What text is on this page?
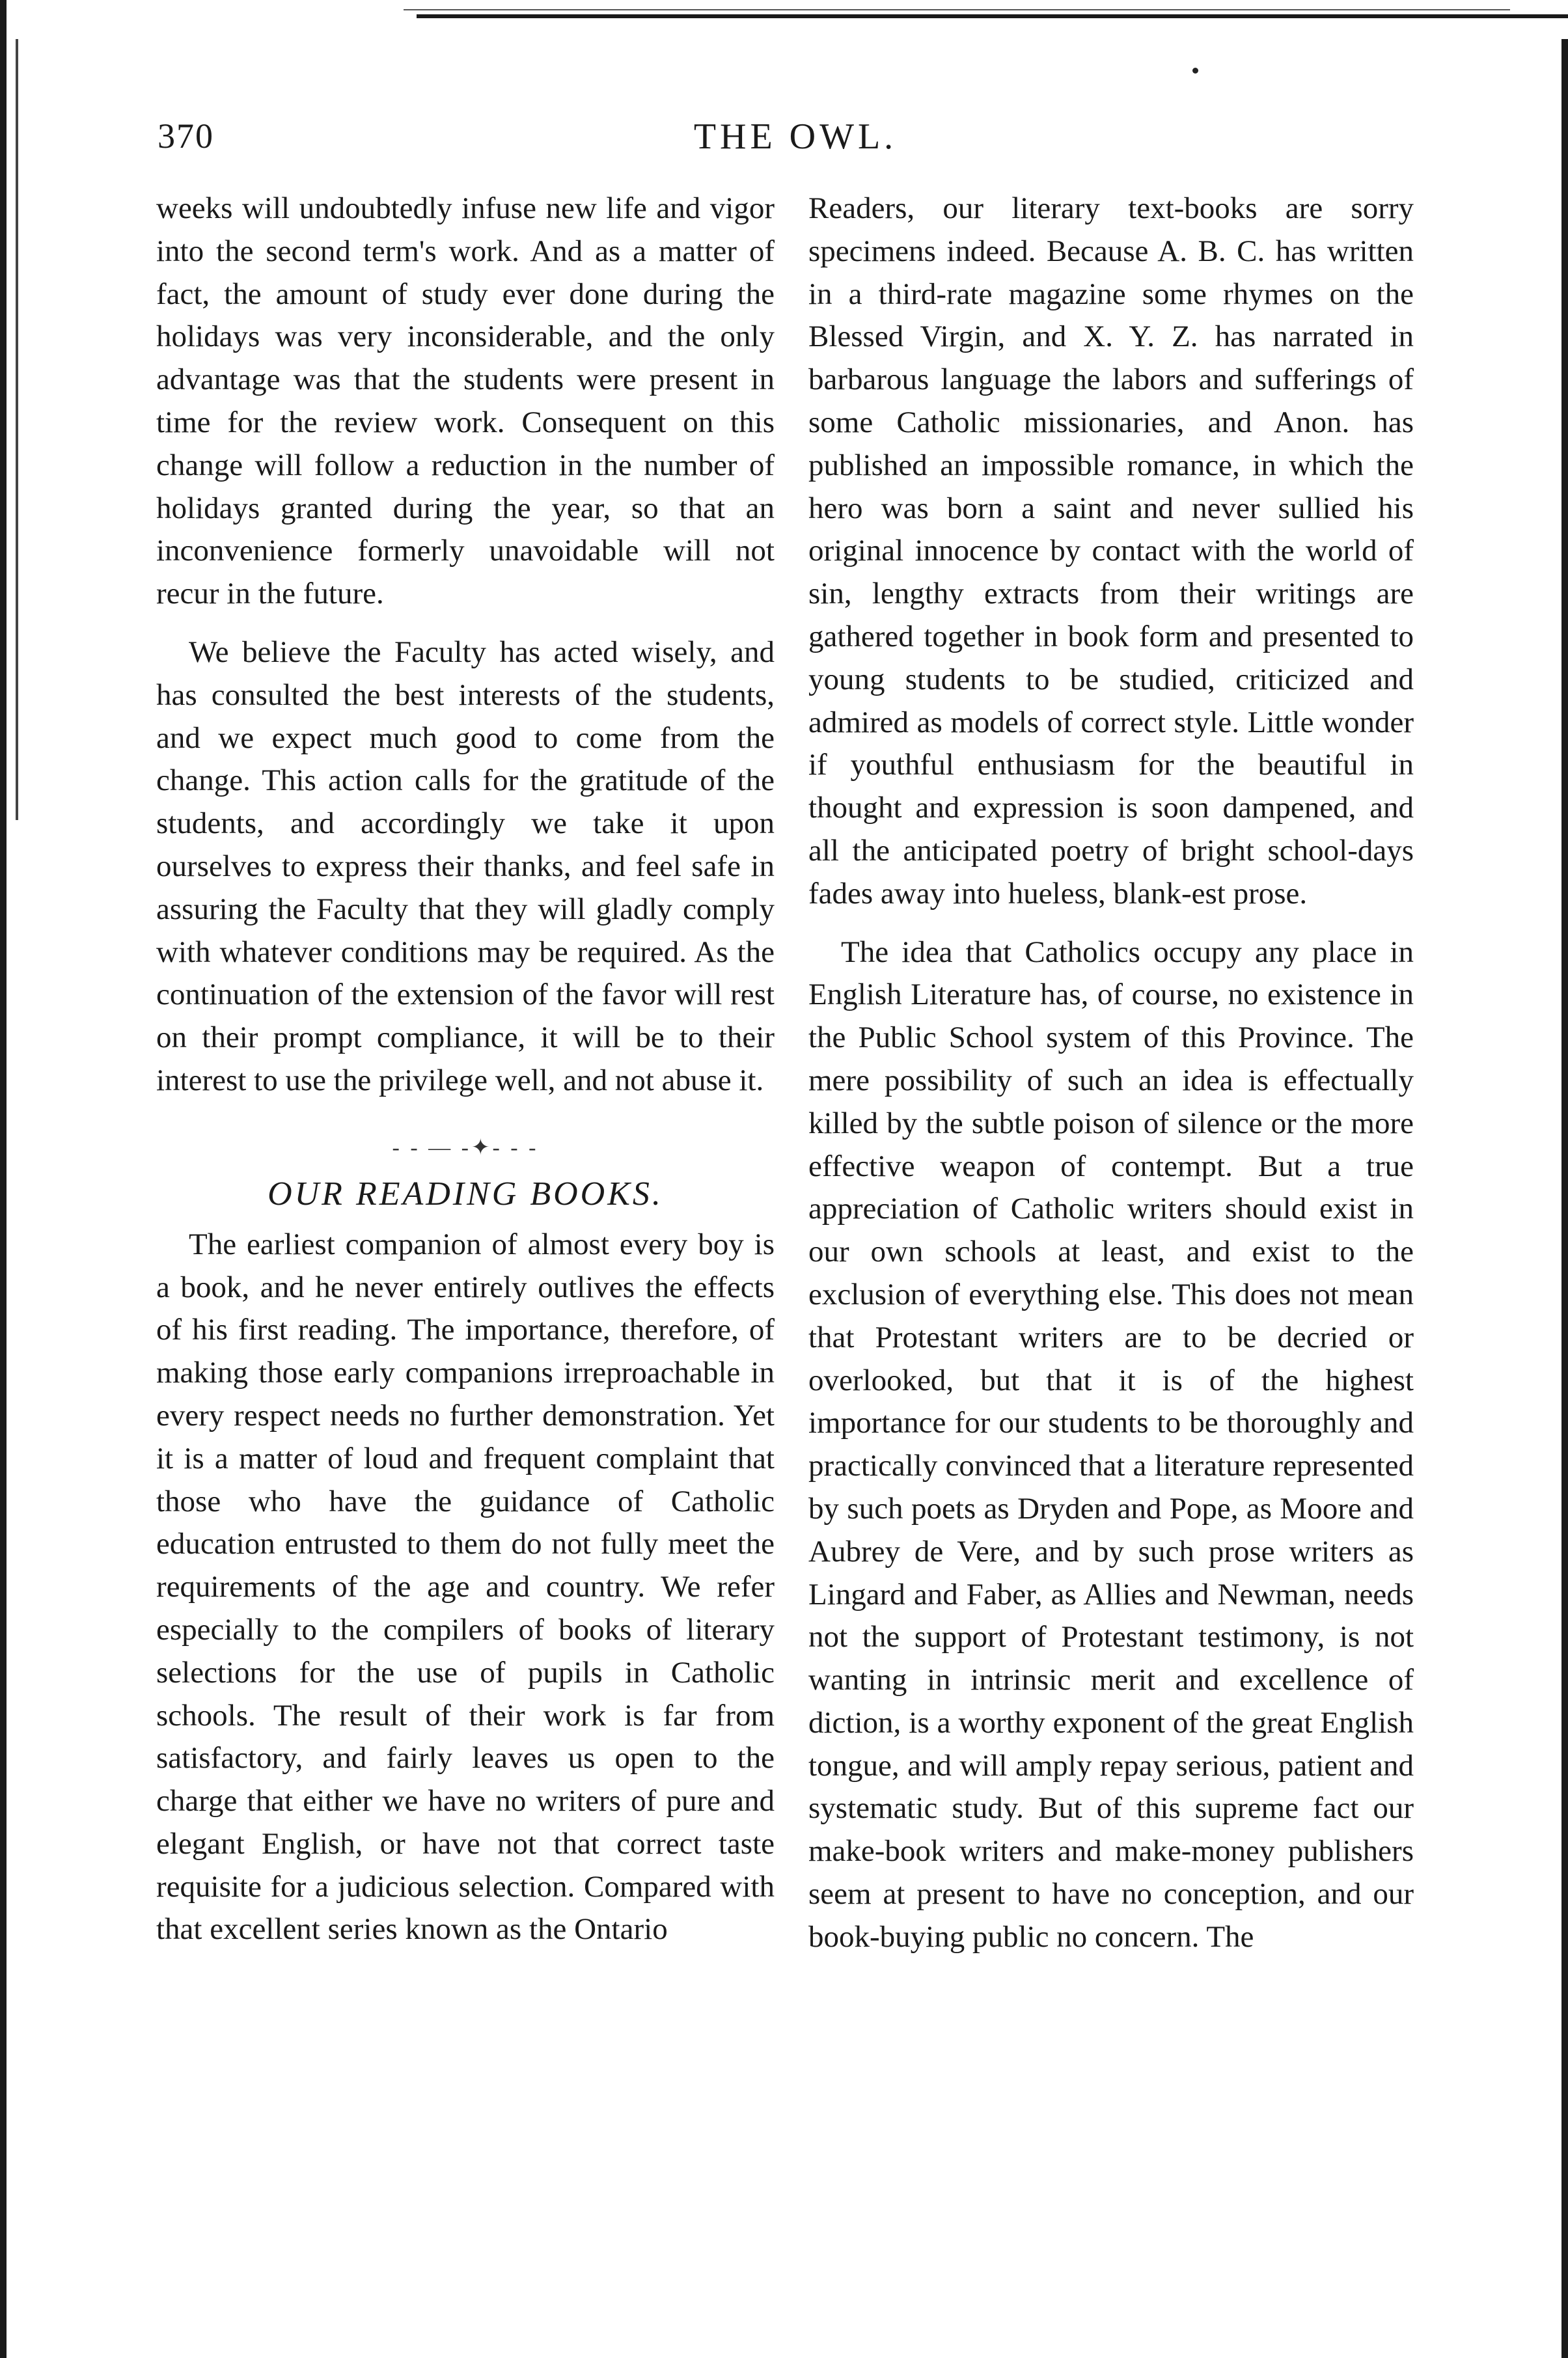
370	THE OWL.

weeks will undoubtedly infuse new life and vigor into the second term's work. And as a matter of fact, the amount of study ever done during the holidays was very inconsiderable, and the only advantage was that the students were present in time for the review work. Consequent on this change will follow a reduction in the number of holidays granted during the year, so that an inconvenience formerly unavoidable will not recur in the future.

We believe the Faculty has acted wisely, and has consulted the best interests of the students, and we expect much good to come from the change. This action calls for the gratitude of the students, and accordingly we take it upon ourselves to express their thanks, and feel safe in assuring the Faculty that they will gladly comply with whatever conditions may be required. As the continuation of the extension of the favor will rest on their prompt compliance, it will be to their interest to use the privilege well, and not abuse it.

- - — -✦- - -
OUR READING BOOKS.

The earliest companion of almost every boy is a book, and he never entirely outlives the effects of his first reading. The importance, therefore, of making those early companions irreproachable in every respect needs no further demonstration. Yet it is a matter of loud and frequent complaint that those who have the guidance of Catholic education entrusted to them do not fully meet the requirements of the age and country. We refer especially to the compilers of books of literary selections for the use of pupils in Catholic schools. The result of their work is far from satisfactory, and fairly leaves us open to the charge that either we have no writers of pure and elegant English, or have not that correct taste requisite for a judicious selection. Compared with that excellent series known as the Ontario

Readers, our literary text-books are sorry specimens indeed. Because A. B. C. has written in a third-rate magazine some rhymes on the Blessed Virgin, and X. Y. Z. has narrated in barbarous language the labors and sufferings of some Catholic missionaries, and Anon. has published an impossible romance, in which the hero was born a saint and never sullied his original innocence by contact with the world of sin, lengthy extracts from their writings are gathered together in book form and presented to young students to be studied, criticized and admired as models of correct style. Little wonder if youthful enthusiasm for the beautiful in thought and expression is soon dampened, and all the anticipated poetry of bright school-days fades away into hueless, blank-est prose.

The idea that Catholics occupy any place in English Literature has, of course, no existence in the Public School system of this Province. The mere possibility of such an idea is effectually killed by the subtle poison of silence or the more effective weapon of contempt. But a true appreciation of Catholic writers should exist in our own schools at least, and exist to the exclusion of everything else. This does not mean that Protestant writers are to be decried or overlooked, but that it is of the highest importance for our students to be thoroughly and practically convinced that a literature represented by such poets as Dryden and Pope, as Moore and Aubrey de Vere, and by such prose writers as Lingard and Faber, as Allies and Newman, needs not the support of Protestant testimony, is not wanting in intrinsic merit and excellence of diction, is a worthy exponent of the great English tongue, and will amply repay serious, patient and systematic study. But of this supreme fact our make-book writers and make-money publishers seem at present to have no conception, and our book-buying public no concern. The
